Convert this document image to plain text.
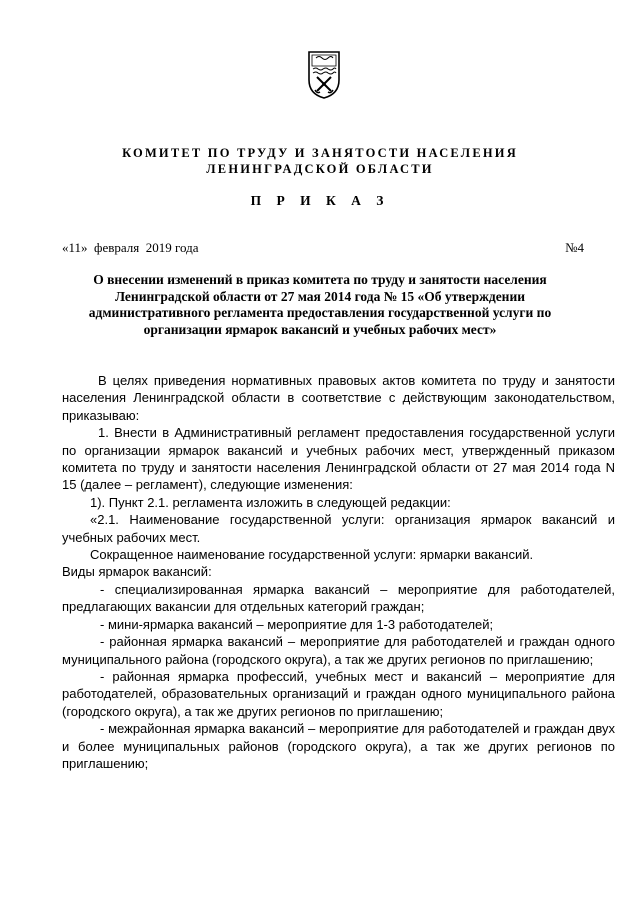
КОМИТЕТ ПО ТРУДУ И ЗАНЯТОСТИ НАСЕЛЕНИЯ
ЛЕНИНГРАДСКОЙ ОБЛАСТИ
П Р И К А З
«11»  февраля  2019 года	№4
О внесении изменений в приказ комитета по труду и занятости населения
Ленинградской области от 27 мая 2014 года № 15 «Об утверждении
административного регламента предоставления государственной услуги по
организации ярмарок вакансий и учебных рабочих мест»

В целях приведения нормативных правовых актов комитета по труду и занятости населения Ленинградской области в соответствие с действующим законодательством, приказываю:

1. Внести в Административный регламент предоставления государственной услуги по организации ярмарок вакансий и учебных рабочих мест, утвержденный приказом комитета по труду и занятости населения Ленинградской области от 27 мая 2014 года N 15 (далее – регламент), следующие изменения:

1). Пункт 2.1. регламента изложить в следующей редакции:

«2.1. Наименование государственной услуги: организация ярмарок вакансий и учебных рабочих мест.

Сокращенное наименование государственной услуги: ярмарки вакансий.

Виды ярмарок вакансий:

- специализированная ярмарка вакансий – мероприятие для работодателей, предлагающих вакансии для отдельных категорий граждан;

- мини-ярмарка вакансий – мероприятие для 1-3 работодателей;

- районная ярмарка вакансий – мероприятие для работодателей и граждан одного муниципального района (городского округа), а так же других регионов по приглашению;

- районная ярмарка профессий, учебных мест и вакансий – мероприятие для работодателей, образовательных организаций и граждан одного муниципального района (городского округа), а так же других регионов по приглашению;

- межрайонная ярмарка вакансий – мероприятие для работодателей и граждан двух и более муниципальных районов (городского округа), а так же других регионов по приглашению;
